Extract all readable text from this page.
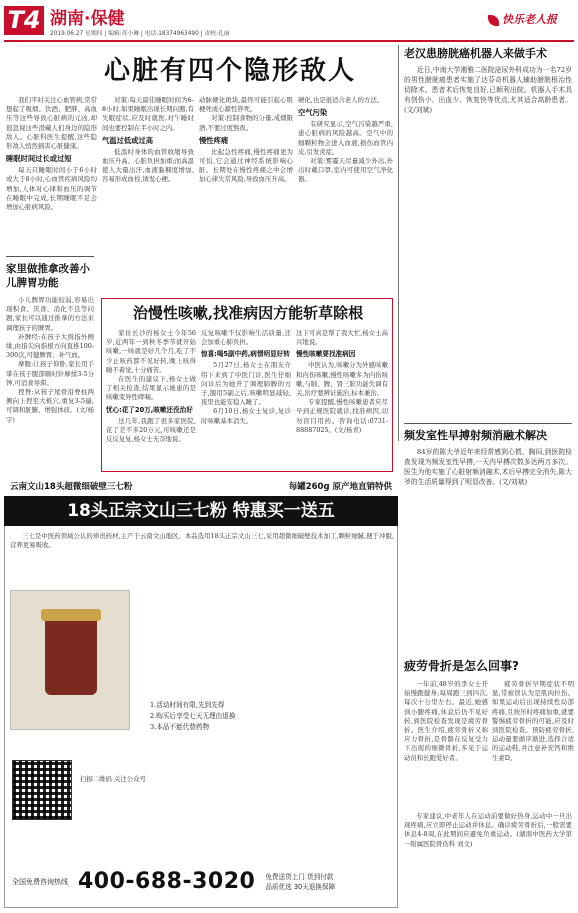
T4 湖南·保健
2019.06.27 星期四 | 编辑:苏小琳 | 电话:18374963490 | 责校:孔丽
快乐老人报
心脏有四个隐形敌人

我们平时关注心血管病,常常想起了吸烟、饮酒、肥胖、高血压等这些导致心脏病的元凶,却很忽视这些潜藏人们身边的隐形敌人。心脏科医生提醒,这些隐形敌人悄然损害心脏健康。

睡眠时间过长或过短

每天只睡眠时间小于6小时或大于8小时,心血管疾病风险均增加,人体对心律和血压的调节在睡眠中完成,长期睡眠不足会增加心脏病风险。

对策:每天最佳睡眠时间为6-8小时,如果睡眠出现长期问题,有失眠症状,应及时就医,对午睡时间也要控制在半小时之内。

气温过低或过高

低温时身体的血管收缩导致血压升高、心脏负担加重;而高温使人大量出汗,血液黏稠度增加,容易形成血栓,诱发心梗。

动脉硬化斑块,最终可能引起心肌梗死或心源性猝死。

对策:控制食物的分量,戒烟限酒,不要过度熬夜。

慢性疼痛

比起急性疼痛,慢性疼痛更为可怕,它会通过神经系统影响心脏。长期处在慢性疼痛之中会增加心律失常风险,导致血压升高。

硬化,也是很适合老人的方法。

空气污染

有研究显示,空气污染越严重,患心脏病的风险越高。空气中的细颗粒物会进入血液,损伤血管内皮,引发炎症。

对策:雾霾天尽量减少外出,外出时戴口罩,室内可使用空气净化器。

家里做推拿改善小儿脾胃功能

小儿脾胃功能较弱,容易出现积食、厌食、消化不良等问题,家长可以通过推拿的方法来调理孩子的脾胃。

补脾经:在孩子大拇指外侧缘,由指尖向指根方向直推100-300次,可健脾胃、补气血。

摩腹:让孩子仰卧,家长用手掌在孩子腹部顺时针摩揉3-5分钟,可消食导滞。

捏脊:从孩子尾骨沿脊柱两侧向上捏至大椎穴,重复3-5遍,可调和脏腑、增强体质。(文/杨宇)

治慢性咳嗽,找准病因方能斩草除根

家住长沙的杨女士今年56岁,近两年一到秋冬季节就开始咳嗽,一咳就是好几个月,吃了不少止咳药都不见好转,晚上咳得睡不着觉,十分痛苦。

在医生的建议下,杨女士做了相关检查,结果显示她患的是咳嗽变异性哮喘。

忧心:花了20万,咳嗽还没治好

这几年,我跑了很多家医院,花了差不多20万元,可咳嗽还是反反复复,杨女士无奈地说。

反复咳嗽不仅影响生活质量,还会加重心肺负担。

惊喜:喝5副中药,病情明显好转

5月27日,杨女士在朋友介绍下来到了中医门诊,医生仔细问诊后为她开了调理肺脾的方子,服用5副之后,咳嗽明显减轻,夜里也能安稳入睡了。

6月10日,杨女士复诊,复诊时咳嗽基本消失。

这下可真是帮了我大忙,杨女士高兴地说。

慢性咳嗽要找准病因

中医认为,咳嗽分为外感咳嗽和内伤咳嗽,慢性咳嗽多为内伤咳嗽,与肺、脾、肾三脏功能失调有关,治疗要辨证施治,标本兼治。

专家提醒,慢性咳嗽患者应尽早到正规医院就诊,找准病因,切勿盲目用药。咨询电话:0731-88887025。(文/杨青)

老汉患膀胱癌机器人来做手术

近日,中南大学湘雅二医院泌尿外科成功为一名72岁的男性膀胱癌患者实施了达芬奇机器人辅助膀胱根治性切除术。患者术后恢复良好,已顺利出院。机器人手术具有创伤小、出血少、恢复快等优点,尤其适合高龄患者。(文/刘斌)

频发室性早搏射频消融术解决

84岁的陈大爷近年来经常感到心慌、胸闷,到医院检查发现为频发室性早搏,一天内早搏次数多达两万多次。医生为他实施了心脏射频消融术,术后早搏完全消失,陈大爷的生活质量得到了明显改善。(文/刘斌)

云南文山18头超微细破壁三七粉	每罐260g 原产地直销特供
18头正宗文山三七粉 特惠买一送五

三七是中医药领域公认的珍贵药材,主产于云南文山地区。本品选用18头正宗文山三七,采用超微细破壁技术加工,颗粒细腻,便于冲服,营养更易吸收。

1.活动时间有限,先到先得

2.购买后享受七天无理由退换

3.本品不能代替药物

扫描二维码 关注公众号
全国免费咨询热线 400-688-3020 免费送货上门 货到付款
品质优选 30天退换保障
疲劳骨折是怎么回事?

一年前,48岁的李女士开始慢跑健身,每周跑三到四次,每次十公里左右。最近,她感到小腿疼痛,休息后仍不见好转,到医院检查发现是疲劳骨折。医生介绍,疲劳骨折又称应力骨折,是骨骼在反复受力下出现的细微骨折,多见于运动员和长跑爱好者。

疲劳骨折早期症状不明显,常被误认为是肌肉拉伤。如果运动后出现持续性局部疼痛,且按压时疼痛加重,就要警惕疲劳骨折的可能,应及时到医院检查。预防疲劳骨折,运动量要循序渐进,选择合适的运动鞋,并注意补充钙和维生素D。

专家建议,中老年人在运动前要做好热身,运动中一旦出现疼痛,应立即停止运动并休息。确诊疲劳骨折后,一般需要休息4-8周,在此期间应避免负重运动。(湖南中医药大学第一附属医院骨伤科 刘文)
